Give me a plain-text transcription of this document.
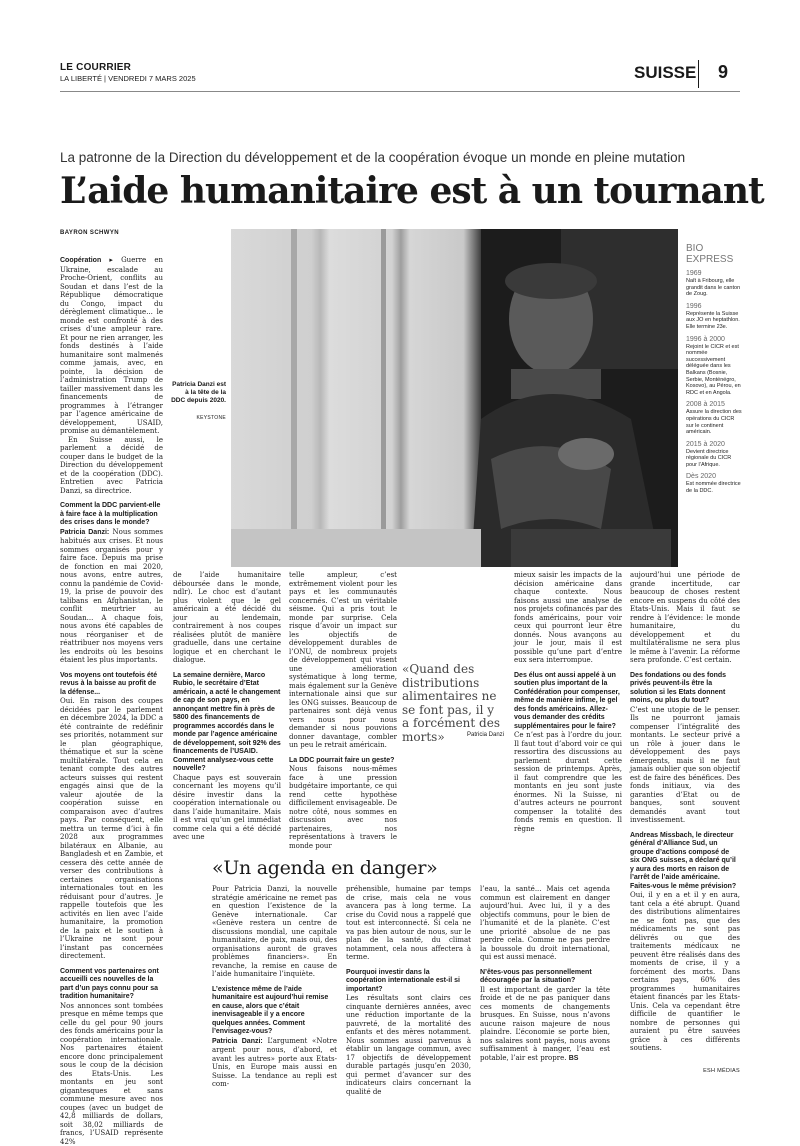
LE COURRIER
LA LIBERTÉ | VENDREDI 7 MARS 2025	SUISSE 9
La patronne de la Direction du développement et de la coopération évoque un monde en pleine mutation
L’aide humanitaire est à un tournant
BAYRON SCHWYN
Patricia Danzi est à la tête de la DDC depuis 2020.
KEYSTONE
BIO
EXPRESS
1969
Naît à Fribourg, elle grandit dans le canton de Zoug.
1996
Représente la Suisse aux JO en heptathlon. Elle termine 23e.
1996 à 2000
Rejoint le CICR et est nommée successivement déléguée dans les Balkans (Bosnie, Serbie, Monténégro, Kosovo), au Pérou, en RDC et en Angola.
2008 à 2015
Assure la direction des opérations du CICR sur le continent américain.
2015 à 2020
Devient directrice régionale du CICR pour l’Afrique.
Dès 2020
Est nommée directrice de la DDC.

Coopération ▸ Guerre en Ukraine, escalade au Proche-Orient, conflits au Soudan et dans l’est de la République démocratique du Congo, impact du dérèglement climatique... le monde est confronté à des crises d’une ampleur rare. Et pour ne rien arranger, les fonds destinés à l’aide humanitaire sont malmenés comme jamais, avec, en pointe, la décision de l’administration Trump de tailler massivement dans les financements de programmes à l’étranger par l’agence américaine de développement, USAID, promise au démantèlement.

En Suisse aussi, le parlement a décidé de couper dans le budget de la Direction du développement et de la coopération (DDC). Entretien avec Patricia Danzi, sa directrice.

Comment la DDC parvient-elle à faire face à la multiplication des crises dans le monde?

Patricia Danzi: Nous sommes habitués aux crises. Et nous sommes organisés pour y faire face. Depuis ma prise de fonction en mai 2020, nous avons, entre autres, connu la pandémie de Covid-19, la prise de pouvoir des talibans en Afghanistan, le conflit meurtrier au Soudan... A chaque fois, nous avons été capables de nous réorganiser et de réattribuer nos moyens vers les endroits où les besoins étaient les plus importants.

Vos moyens ont toutefois été revus à la baisse au profit de la défense...

Oui. En raison des coupes décidées par le parlement en décembre 2024, la DDC a été contrainte de redéfinir ses priorités, notamment sur le plan géographique, thématique et sur la scène multilatérale. Tout cela en tenant compte des autres acteurs suisses qui restent engagés ainsi que de la valeur ajoutée de la coopération suisse en comparaison avec d’autres pays. Par conséquent, elle mettra un terme d’ici à fin 2028 aux programmes bilatéraux en Albanie, au Bangladesh et en Zambie, et cessera dès cette année de verser des contributions à certaines organisations internationales tout en les réduisant pour d’autres. Je rappelle toutefois que les activités en lien avec l’aide humanitaire, la promotion de la paix et le soutien à l’Ukraine ne sont pour l’instant pas concernées directement.

Comment vos partenaires ont accueilli ces nouvelles de la part d’un pays connu pour sa tradition humanitaire?

Nos annonces sont tombées presque en même temps que celle du gel pour 90 jours des fonds américains pour la coopération internationale. Nos partenaires étaient encore donc principalement sous le coup de la décision des Etats-Unis. Les montants en jeu sont gigantesques et sans commune mesure avec nos coupes (avec un budget de 42,8 milliards de dollars, soit 38,02 milliards de francs, l’USAID représente 42%

de l’aide humanitaire déboursée dans le monde, ndlr). Le choc est d’autant plus violent que le gel américain a été décidé du jour au lendemain, contrairement à nos coupes réalisées plutôt de manière graduelle, dans une certaine logique et en cherchant le dialogue.

La semaine dernière, Marco Rubio, le secrétaire d’Etat américain, a acté le changement de cap de son pays, en annonçant mettre fin à près de 5800 des financements de programmes accordés dans le monde par l’agence américaine de développement, soit 92% des financements de l’USAID. Comment analysez-vous cette nouvelle?

Chaque pays est souverain concernant les moyens qu’il désire investir dans la coopération internationale ou dans l’aide humanitaire. Mais il est vrai qu’un gel immédiat comme cela qui a été décidé avec une

telle ampleur, c’est extrêmement violent pour les pays et les communautés concernés. C’est un véritable séisme. Qui a pris tout le monde par surprise. Cela risque d’avoir un impact sur les objectifs de développement durables de l’ONU, de nombreux projets de développement qui visent une amélioration systématique à long terme, mais également sur la Genève internationale ainsi que sur les ONG suisses. Beaucoup de partenaires sont déjà venus vers nous pour nous demander si nous pouvions donner davantage, combler un peu le retrait américain.

La DDC pourrait faire un geste?

Nous faisons nous-mêmes face à une pression budgétaire importante, ce qui rend cette hypothèse difficilement envisageable. De notre côté, nous sommes en discussion avec nos partenaires, nos représentations à travers le monde pour

«Quand des distributions alimentaires ne se font pas, il y a forcément des morts»	Patricia Danzi

mieux saisir les impacts de la décision américaine dans chaque contexte. Nous faisons aussi une analyse de nos projets cofinancés par des fonds américains, pour voir ceux qui pourront leur être donnés. Nous avançons au jour le jour, mais il est possible qu’une part d’entre eux sera interrompue.

Des élus ont aussi appelé à un soutien plus important de la Confédération pour compenser, même de manière infime, le gel des fonds américains. Allez-vous demander des crédits supplémentaires pour le faire?

Ce n’est pas à l’ordre du jour. Il faut tout d’abord voir ce qui ressortira des discussions au parlement durant cette session de printemps. Après, il faut comprendre que les montants en jeu sont juste énormes. Ni la Suisse, ni d’autres acteurs ne pourront compenser la totalité des fonds remis en question. Il règne

aujourd’hui une période de grande incertitude, car beaucoup de choses restent encore en suspens du côté des Etats-Unis. Mais il faut se rendre à l’évidence: le monde humanitaire, du développement et du multilatéralisme ne sera plus le même à l’avenir. La réforme sera profonde. C’est certain.

Des fondations ou des fonds privés peuvent-ils être la solution si les Etats donnent moins, ou plus du tout?

C’est une utopie de le penser. Ils ne pourront jamais compenser l’intégralité des montants. Le secteur privé a un rôle à jouer dans le développement des pays émergents, mais il ne faut jamais oublier que son objectif est de faire des bénéfices. Des fonds initiaux, via des garanties d’Etat ou de banques, sont souvent demandés avant tout investissement.

Andreas Missbach, le directeur général d’Alliance Sud, un groupe d’actions composé de six ONG suisses, a déclaré qu’il y aura des morts en raison de l’arrêt de l’aide américaine. Faites-vous le même prévision?

Oui, il y en a et il y en aura, tant cela a été abrupt. Quand des distributions alimentaires ne se font pas, que des médicaments ne sont pas délivrés ou que des traitements médicaux ne peuvent être réalisés dans des moments de crise, il y a forcément des morts. Dans certains pays, 60% des programmes humanitaires étaient financés par les Etats-Unis. Cela va cependant être difficile de quantifier le nombre de personnes qui auraient pu être sauvées grâce à ces différents soutiens.

ESH MÉDIAS
«Un agenda en danger»

Pour Patricia Danzi, la nouvelle stratégie américaine ne remet pas en question l’existence de la Genève internationale. Car «Genève restera un centre de discussions mondial, une capitale humanitaire, de paix, mais oui, des organisations auront de graves problèmes financiers». En revanche, la remise en cause de l’aide humanitaire l’inquiète.

L’existence même de l’aide humanitaire est aujourd’hui remise en cause, alors que c’était inenvisageable il y a encore quelques années. Comment l’envisagez-vous?

Patricia Danzi: L’argument «Notre argent pour nous, d’abord, et avant les autres» porte aux Etats-Unis, en Europe mais aussi en Suisse. La tendance au repli est com-

préhensible, humaine par temps de crise, mais cela ne vous avancera pas à long terme. La crise du Covid nous a rappelé que tout est interconnecté. Si cela ne va pas bien autour de nous, sur le plan de la santé, du climat notamment, cela nous affectera à terme.

Pourquoi investir dans la coopération internationale est-il si important?

Les résultats sont clairs ces cinquante dernières années, avec une réduction importante de la pauvreté, de la mortalité des enfants et des mères notamment. Nous sommes aussi parvenus à établir un langage commun, avec 17 objectifs de développement durable partagés jusqu’en 2030, qui permet d’avancer sur des indicateurs clairs concernant la qualité de

l’eau, la santé... Mais cet agenda commun est clairement en danger aujourd’hui. Avec lui, il y a des objectifs communs, pour le bien de l’humanité et de la planète. C’est une priorité absolue de ne pas perdre cela. Comme ne pas perdre la boussole du droit international, qui est aussi menacé.

N’êtes-vous pas personnellement découragée par la situation?

Il est important de garder la tête froide et de ne pas paniquer dans ces moments de changements brusques. En Suisse, nous n’avons aucune raison majeure de nous plaindre. L’économie se porte bien, nos salaires sont payés, nous avons suffisamment à manger, l’eau est potable, l’air est propre. BS
